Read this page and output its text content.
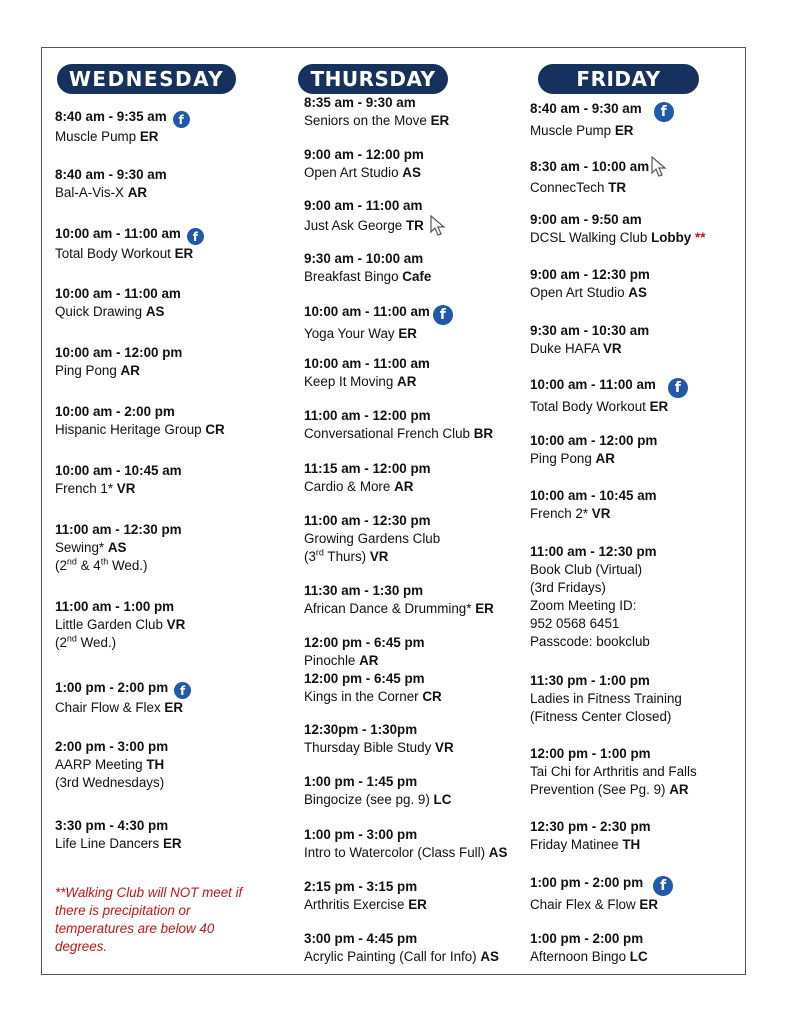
WEDNESDAY	THURSDAY	FRIDAY
8:40 am - 9:35 am f
Muscle Pump ER
8:40 am - 9:30 am
Bal-A-Vis-X AR
10:00 am - 11:00 am f
Total Body Workout ER
10:00 am - 11:00 am
Quick Drawing AS
10:00 am - 12:00 pm
Ping Pong AR
10:00 am - 2:00 pm
Hispanic Heritage Group CR
10:00 am - 10:45 am
French 1* VR
11:00 am - 12:30 pm
Sewing* AS
(2nd & 4th Wed.)
11:00 am - 1:00 pm
Little Garden Club VR
(2nd Wed.)
1:00 pm - 2:00 pm f
Chair Flow & Flex ER
2:00 pm - 3:00 pm
AARP Meeting TH
(3rd Wednesdays)
3:30 pm - 4:30 pm
Life Line Dancers ER
**Walking Club will NOT meet if there is precipitation or temperatures are below 40 degrees.
8:35 am - 9:30 am
Seniors on the Move ER
9:00 am - 12:00 pm
Open Art Studio AS
9:00 am - 11:00 am
Just Ask George TR
9:30 am - 10:00 am
Breakfast Bingo Cafe
10:00 am - 11:00 am f
Yoga Your Way ER
10:00 am - 11:00 am
Keep It Moving AR
11:00 am - 12:00 pm
Conversational French Club BR
11:15 am - 12:00 pm
Cardio & More AR
11:00 am - 12:30 pm
Growing Gardens Club
(3rd Thurs) VR
11:30 am - 1:30 pm
African Dance & Drumming* ER
12:00 pm - 6:45 pm
Pinochle AR
12:00 pm - 6:45 pm
Kings in the Corner CR
12:30pm - 1:30pm
Thursday Bible Study VR
1:00 pm - 1:45 pm
Bingocize (see pg. 9) LC
1:00 pm - 3:00 pm
Intro to Watercolor (Class Full) AS
2:15 pm - 3:15 pm
Arthritis Exercise ER
3:00 pm - 4:45 pm
Acrylic Painting (Call for Info) AS
8:40 am - 9:30 am f
Muscle Pump ER
8:30 am - 10:00 am
ConnecTech TR
9:00 am - 9:50 am
DCSL Walking Club Lobby **
9:00 am - 12:30 pm
Open Art Studio AS
9:30 am - 10:30 am
Duke HAFA VR
10:00 am - 11:00 am f
Total Body Workout ER
10:00 am - 12:00 pm
Ping Pong AR
10:00 am - 10:45 am
French 2* VR
11:00 am - 12:30 pm
Book Club (Virtual)
(3rd Fridays)
Zoom Meeting ID:
952 0568 6451
Passcode: bookclub
11:30 pm - 1:00 pm
Ladies in Fitness Training
(Fitness Center Closed)
12:00 pm - 1:00 pm
Tai Chi for Arthritis and Falls
Prevention (See Pg. 9) AR
12:30 pm - 2:30 pm
Friday Matinee TH
1:00 pm - 2:00 pm f
Chair Flex & Flow ER
1:00 pm - 2:00 pm
Afternoon Bingo LC
